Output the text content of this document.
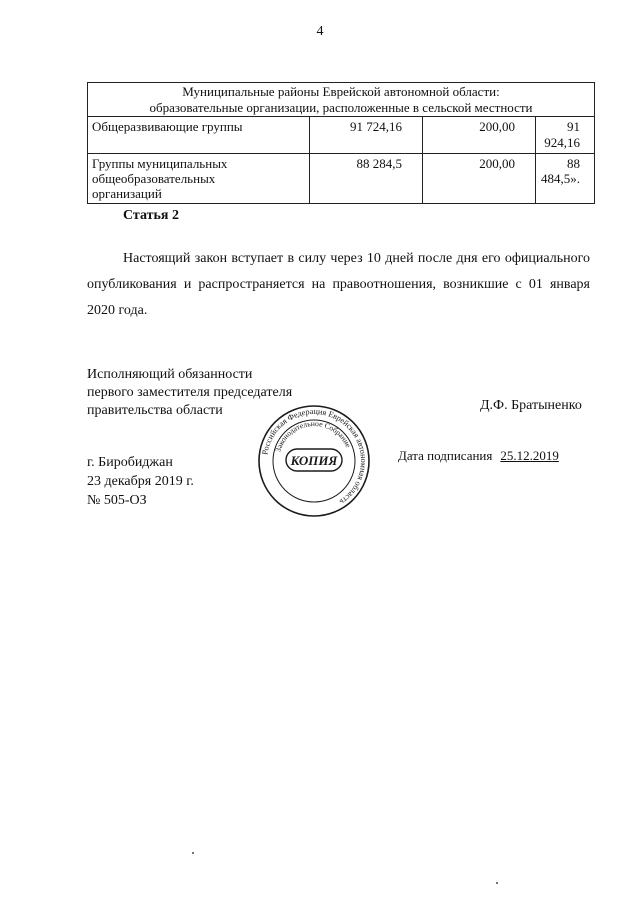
4
Муниципальные районы Еврейской автономной области:
образовательные организации, расположенные в сельской местности			

Общеразвивающие группы	91 724,16	200,00	91 924,16

Группы муниципальных
общеобразовательных
организаций	88 284,5	200,00	88 484,5».
Статья 2
Настоящий закон вступает в силу через 10 дней после дня его официального опубликования и распространяется на правоотношения, возникшие с 01 января 2020 года.
Исполняющий обязанности
первого заместителя председателя
правительства области	Д.Ф. Братыненко
г. Биробиджан
23 декабря 2019 г.
№ 505-ОЗ
Дата подписания 25.12.2019
Российская Федерация Еврейская автономная область
Законодательное Собрание
КОПИЯ
